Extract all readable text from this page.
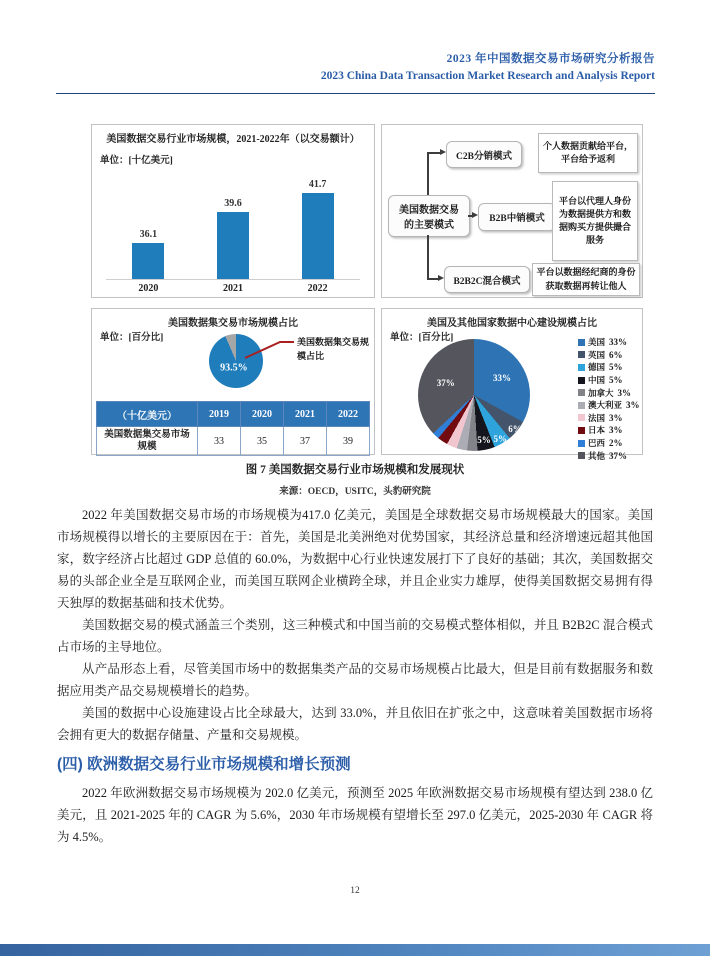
2023 年中国数据交易市场研究分析报告
2023 China Data Transaction Market Research and Analysis Report
美国数据交易行业市场规模，2021-2022年（以交易额计）
单位：[十亿美元]
36.1
39.6
41.7
2020	2021	2022
美国数据交易
的主要模式
C2B分销模式
B2B中销模式
B2B2C混合模式
个人数据贡献给平台，平台给予返利
平台以代理人身份为数据提供方和数据购买方提供撮合服务
平台以数据经纪商的身份获取数据再转让他人
美国数据集交易市场规模占比
单位：[百分比]
93.5%
美国数据集交易规模占比
（十亿美元）	2019	2020	2021	2022
美国数据集交易市场规模	33	35	37	39
美国及其他国家数据中心建设规模占比
单位：[百分比]
33%
6%
5%
5%
37%
美国 33%
英国 6%
德国 5%
中国 5%
加拿大 3%
澳大利亚 3%
法国 3%
日本 3%
巴西 2%
其他 37%
图 7 美国数据交易行业市场规模和发展现状
来源：OECD，USITC，头豹研究院

2022 年美国数据交易市场的市场规模为417.0 亿美元，美国是全球数据交易市场规模最大的国家。美国市场规模得以增长的主要原因在于：首先，美国是北美洲绝对优势国家，其经济总量和经济增速远超其他国家，数字经济占比超过 GDP 总值的 60.0%，为数据中心行业快速发展打下了良好的基础；其次，美国数据交易的头部企业全是互联网企业，而美国互联网企业横跨全球，并且企业实力雄厚，使得美国数据交易拥有得天独厚的数据基础和技术优势。

美国数据交易的模式涵盖三个类别，这三种模式和中国当前的交易模式整体相似，并且 B2B2C 混合模式占市场的主导地位。

从产品形态上看，尽管美国市场中的数据集类产品的交易市场规模占比最大，但是目前有数据服务和数据应用类产品交易规模增长的趋势。

美国的数据中心设施建设占比全球最大，达到 33.0%，并且依旧在扩张之中，这意味着美国数据市场将会拥有更大的数据存储量、产量和交易规模。

(四) 欧洲数据交易行业市场规模和增长预测

2022 年欧洲数据交易市场规模为 202.0 亿美元，预测至 2025 年欧洲数据交易市场规模有望达到 238.0 亿美元，且 2021-2025 年的 CAGR 为 5.6%，2030 年市场规模有望增长至 297.0 亿美元，2025-2030 年 CAGR 将为 4.5%。

12
